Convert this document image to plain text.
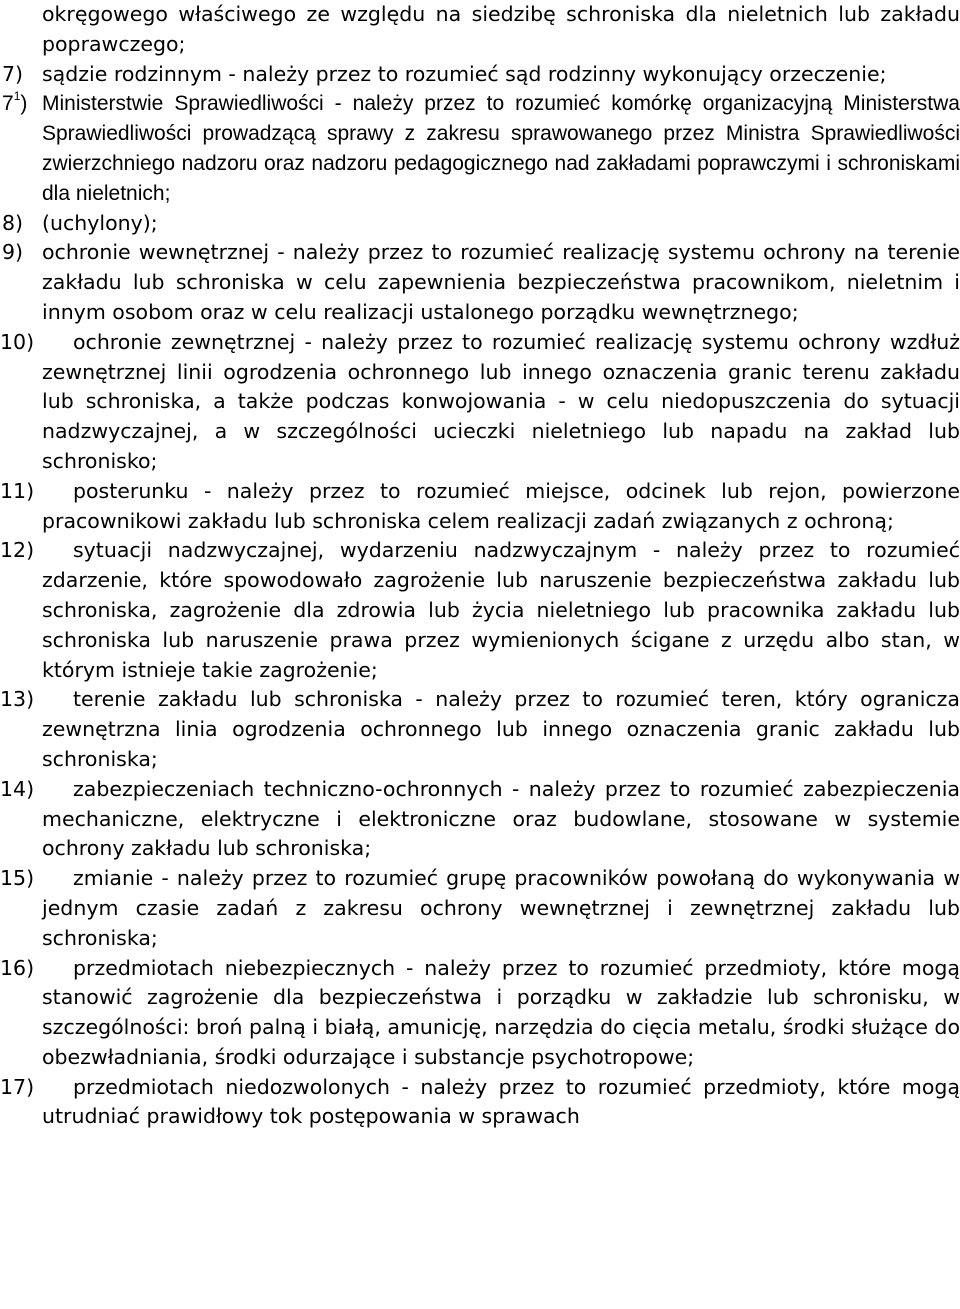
okręgowego właściwego ze względu na siedzibę schroniska dla nieletnich lub zakładu poprawczego;

7) sądzie rodzinnym - należy przez to rozumieć sąd rodzinny wykonujący orzeczenie;
$7^1$) Ministerstwie Sprawiedliwości - należy przez to rozumieć komórkę organizacyjną Ministerstwa Sprawiedliwości prowadzącą sprawy z zakresu sprawowanego przez Ministra Sprawiedliwości zwierzchniego nadzoru oraz nadzoru pedagogicznego nad zakładami poprawczymi i schroniskami dla nieletnich;
8) (uchylony);
9) ochronie wewnętrznej - należy przez to rozumieć realizację systemu ochrony na terenie zakładu lub schroniska w celu zapewnienia bezpieczeństwa pracownikom, nieletnim i innym osobom oraz w celu realizacji ustalonego porządku wewnętrznego;
10) ochronie zewnętrznej - należy przez to rozumieć realizację systemu ochrony wzdłuż zewnętrznej linii ogrodzenia ochronnego lub innego oznaczenia granic terenu zakładu lub schroniska, a także podczas konwojowania - w celu niedopuszczenia do sytuacji nadzwyczajnej, a w szczególności ucieczki nieletniego lub napadu na zakład lub schronisko;
11) posterunku - należy przez to rozumieć miejsce, odcinek lub rejon, powierzone pracownikowi zakładu lub schroniska celem realizacji zadań związanych z ochroną;
12) sytuacji nadzwyczajnej, wydarzeniu nadzwyczajnym - należy przez to rozumieć zdarzenie, które spowodowało zagrożenie lub naruszenie bezpieczeństwa zakładu lub schroniska, zagrożenie dla zdrowia lub życia nieletniego lub pracownika zakładu lub schroniska lub naruszenie prawa przez wymienionych ścigane z urzędu albo stan, w którym istnieje takie zagrożenie;
13) terenie zakładu lub schroniska - należy przez to rozumieć teren, który ogranicza zewnętrzna linia ogrodzenia ochronnego lub innego oznaczenia granic zakładu lub schroniska;
14) zabezpieczeniach techniczno-ochronnych - należy przez to rozumieć zabezpieczenia mechaniczne, elektryczne i elektroniczne oraz budowlane, stosowane w systemie ochrony zakładu lub schroniska;
15) zmianie - należy przez to rozumieć grupę pracowników powołaną do wykonywania w jednym czasie zadań z zakresu ochrony wewnętrznej i zewnętrznej zakładu lub schroniska;
16) przedmiotach niebezpiecznych - należy przez to rozumieć przedmioty, które mogą stanowić zagrożenie dla bezpieczeństwa i porządku w zakładzie lub schronisku, w szczególności: broń palną i białą, amunicję, narzędzia do cięcia metalu, środki służące do obezwładniania, środki odurzające i substancje psychotropowe;
17) przedmiotach niedozwolonych - należy przez to rozumieć przedmioty, które mogą utrudniać prawidłowy tok postępowania w sprawach
